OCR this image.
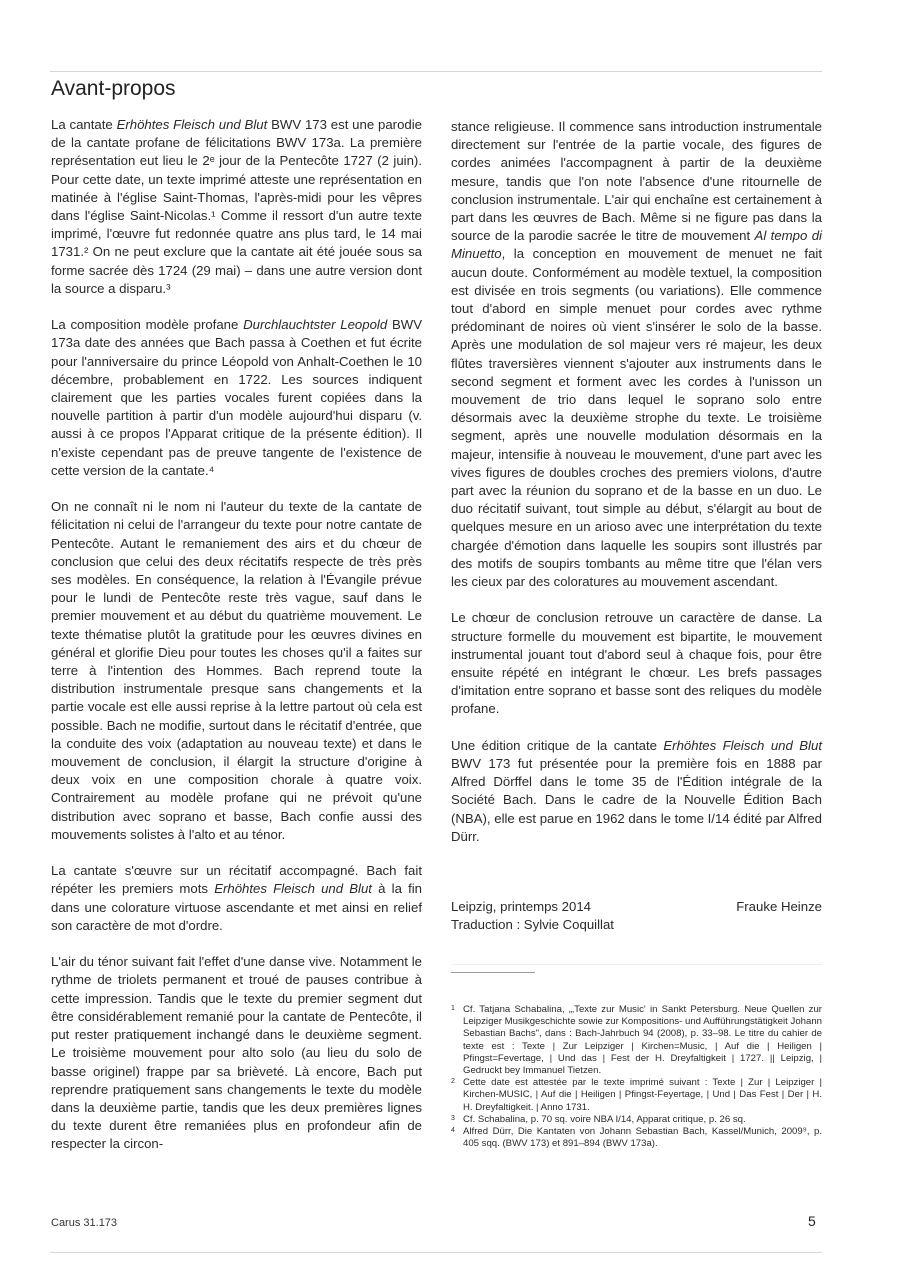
Avant-propos

La cantate Erhöhtes Fleisch und Blut BWV 173 est une parodie de la cantate profane de félicitations BWV 173a. La première représentation eut lieu le 2ᵉ jour de la Pentecôte 1727 (2 juin). Pour cette date, un texte imprimé atteste une représentation en matinée à l'église Saint-Thomas, l'après-midi pour les vêpres dans l'église Saint-Nicolas.¹ Comme il ressort d'un autre texte imprimé, l'œuvre fut redonnée quatre ans plus tard, le 14 mai 1731.² On ne peut exclure que la cantate ait été jouée sous sa forme sacrée dès 1724 (29 mai) – dans une autre version dont la source a disparu.³

La composition modèle profane Durchlauchtster Leopold BWV 173a date des années que Bach passa à Coethen et fut écrite pour l'anniversaire du prince Léopold von Anhalt-Coethen le 10 décembre, probablement en 1722. Les sources indiquent clairement que les parties vocales furent copiées dans la nouvelle partition à partir d'un modèle aujourd'hui disparu (v. aussi à ce propos l'Apparat critique de la présente édition). Il n'existe cependant pas de preuve tangente de l'existence de cette version de la cantate.⁴

On ne connaît ni le nom ni l'auteur du texte de la cantate de félicitation ni celui de l'arrangeur du texte pour notre cantate de Pentecôte. Autant le remaniement des airs et du chœur de conclusion que celui des deux récitatifs respecte de très près ses modèles. En conséquence, la relation à l'Évangile prévue pour le lundi de Pentecôte reste très vague, sauf dans le premier mouvement et au début du quatrième mouvement. Le texte thématise plutôt la gratitude pour les œuvres divines en général et glorifie Dieu pour toutes les choses qu'il a faites sur terre à l'intention des Hommes. Bach reprend toute la distribution instrumentale presque sans changements et la partie vocale est elle aussi reprise à la lettre partout où cela est possible. Bach ne modifie, surtout dans le récitatif d'entrée, que la conduite des voix (adaptation au nouveau texte) et dans le mouvement de conclusion, il élargit la structure d'origine à deux voix en une composition chorale à quatre voix. Contrairement au modèle profane qui ne prévoit qu'une distribution avec soprano et basse, Bach confie aussi des mouvements solistes à l'alto et au ténor.

La cantate s'œuvre sur un récitatif accompagné. Bach fait répéter les premiers mots Erhöhtes Fleisch und Blut à la fin dans une colorature virtuose ascendante et met ainsi en relief son caractère de mot d'ordre.

L'air du ténor suivant fait l'effet d'une danse vive. Notamment le rythme de triolets permanent et troué de pauses contribue à cette impression. Tandis que le texte du premier segment dut être considérablement remanié pour la cantate de Pentecôte, il put rester pratiquement inchangé dans le deuxième segment. Le troisième mouvement pour alto solo (au lieu du solo de basse originel) frappe par sa brièveté. Là encore, Bach put reprendre pratiquement sans changements le texte du modèle dans la deuxième partie, tandis que les deux premières lignes du texte durent être remaniées plus en profondeur afin de respecter la circon-

stance religieuse. Il commence sans introduction instrumentale directement sur l'entrée de la partie vocale, des figures de cordes animées l'accompagnent à partir de la deuxième mesure, tandis que l'on note l'absence d'une ritournelle de conclusion instrumentale. L'air qui enchaîne est certainement à part dans les œuvres de Bach. Même si ne figure pas dans la source de la parodie sacrée le titre de mouvement Al tempo di Minuetto, la conception en mouvement de menuet ne fait aucun doute. Conformément au modèle textuel, la composition est divisée en trois segments (ou variations). Elle commence tout d'abord en simple menuet pour cordes avec rythme prédominant de noires où vient s'insérer le solo de la basse. Après une modulation de sol majeur vers ré majeur, les deux flûtes traversières viennent s'ajouter aux instruments dans le second segment et forment avec les cordes à l'unisson un mouvement de trio dans lequel le soprano solo entre désormais avec la deuxième strophe du texte. Le troisième segment, après une nouvelle modulation désormais en la majeur, intensifie à nouveau le mouvement, d'une part avec les vives figures de doubles croches des premiers violons, d'autre part avec la réunion du soprano et de la basse en un duo. Le duo récitatif suivant, tout simple au début, s'élargit au bout de quelques mesure en un arioso avec une interprétation du texte chargée d'émotion dans laquelle les soupirs sont illustrés par des motifs de soupirs tombants au même titre que l'élan vers les cieux par des coloratures au mouvement ascendant.

Le chœur de conclusion retrouve un caractère de danse. La structure formelle du mouvement est bipartite, le mouvement instrumental jouant tout d'abord seul à chaque fois, pour être ensuite répété en intégrant le chœur. Les brefs passages d'imitation entre soprano et basse sont des reliques du modèle profane.

Une édition critique de la cantate Erhöhtes Fleisch und Blut BWV 173 fut présentée pour la première fois en 1888 par Alfred Dörffel dans le tome 35 de l'Édition intégrale de la Société Bach. Dans le cadre de la Nouvelle Édition Bach (NBA), elle est parue en 1962 dans le tome I/14 édité par Alfred Dürr.

Leipzig, printemps 2014	Frauke Heinze
Traduction : Sylvie Coquillat
1 Cf. Tatjana Schabalina, „‚Texte zur Music' in Sankt Petersburg. Neue Quellen zur Leipziger Musikgeschichte sowie zur Kompositions- und Aufführungstätigkeit Johann Sebastian Bachs", dans : Bach-Jahrbuch 94 (2008), p. 33–98. Le titre du cahier de texte est : Texte | Zur Leipziger | Kirchen=Music, | Auf die | Heiligen | Pfingst=Fevertage, | Und das | Fest der H. Dreyfaltigkeit | 1727. || Leipzig, | Gedruckt bey Immanuel Tietzen.
2 Cette date est attestée par le texte imprimé suivant : Texte | Zur | Leipziger | Kirchen-MUSIC, | Auf die | Heiligen | Pfingst-Feyertage, | Und | Das Fest | Der | H. H. Dreyfaltigkeit. | Anno 1731.
3 Cf. Schabalina, p. 70 sq. voire NBA I/14, Apparat critique, p. 26 sq.
4 Alfred Dürr, Die Kantaten von Johann Sebastian Bach, Kassel/Munich, 2009⁹, p. 405 sqq. (BWV 173) et 891–894 (BWV 173a).
Carus 31.173	5
